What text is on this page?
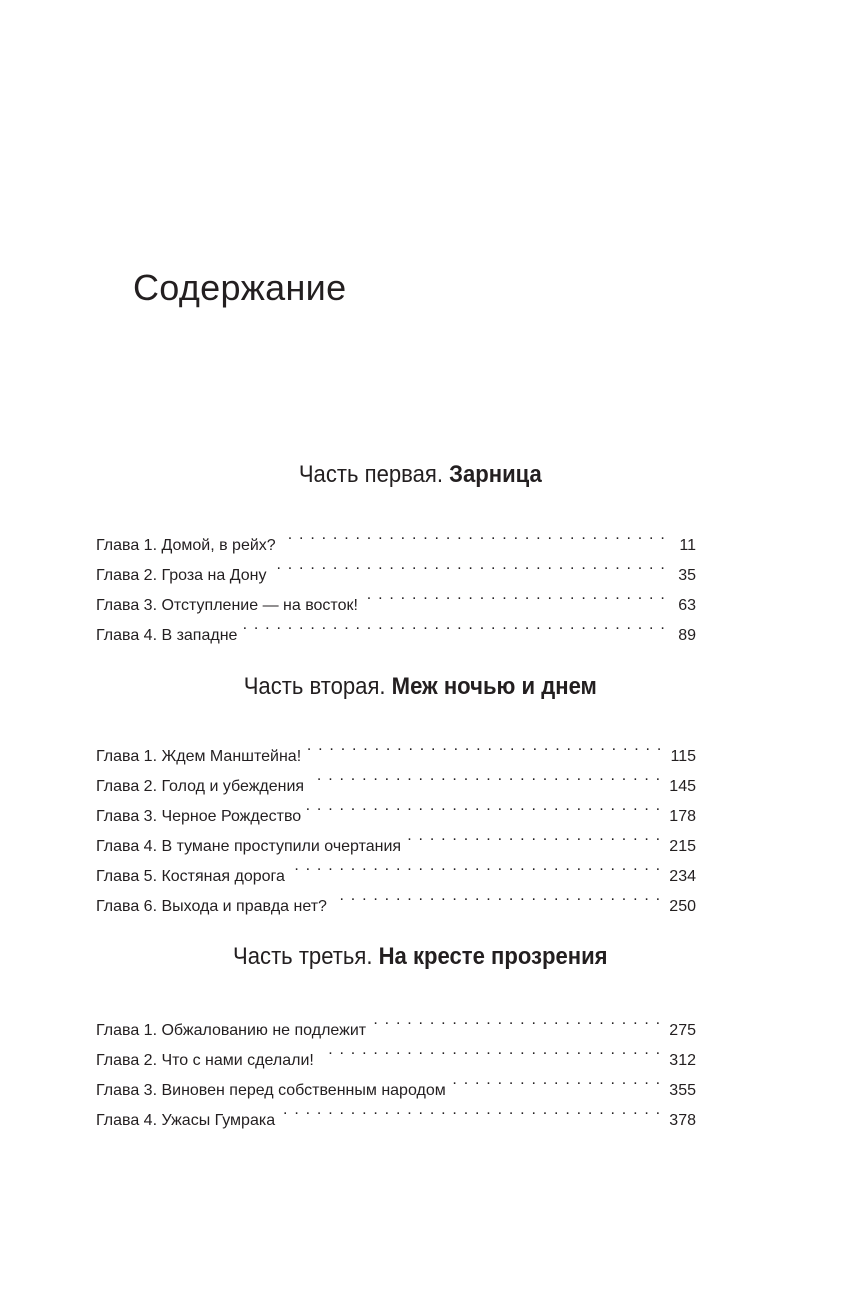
Содержание
Часть первая. Зарница
Глава 1. Домой, в рейх? . . .	11
Глава 2. Гроза на Дону . . .	35
Глава 3. Отступление — на восток! . . .	63
Глава 4. В западне . . .	89
Часть вторая. Меж ночью и днем
Глава 1. Ждем Манштейна! . . .	115
Глава 2. Голод и убеждения . . .	145
Глава 3. Черное Рождество . . .	178
Глава 4. В тумане проступили очертания . . .	215
Глава 5. Костяная дорога . . .	234
Глава 6. Выхода и правда нет? . . .	250
Часть третья. На кресте прозрения
Глава 1. Обжалованию не подлежит . . .	275
Глава 2. Что с нами сделали! . . .	312
Глава 3. Виновен перед собственным народом . . .	355
Глава 4. Ужасы Гумрака . . .	378
